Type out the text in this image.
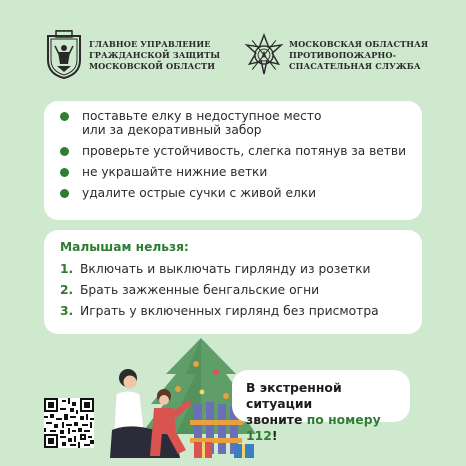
ГЛАВНОЕ УПРАВЛЕНИЕ
ГРАЖДАНСКОЙ ЗАЩИТЫ
МОСКОВСКОЙ ОБЛАСТИ
МОСКОВСКАЯ ОБЛАСТНАЯ
ПРОТИВОПОЖАРНО-
СПАСАТЕЛЬНАЯ СЛУЖБА
поставьте елку в недоступное место
или за декоративный забор
проверьте устойчивость, слегка потянув за ветви
не украшайте нижние ветки
удалите острые сучки с живой елки
Малышам нельзя:
1. Включать и выключать гирлянду из розетки
2. Брать зажженные бенгальские огни
3. Играть у включенных гирлянд без присмотра
В экстренной ситуации
звоните по номеру 112!
